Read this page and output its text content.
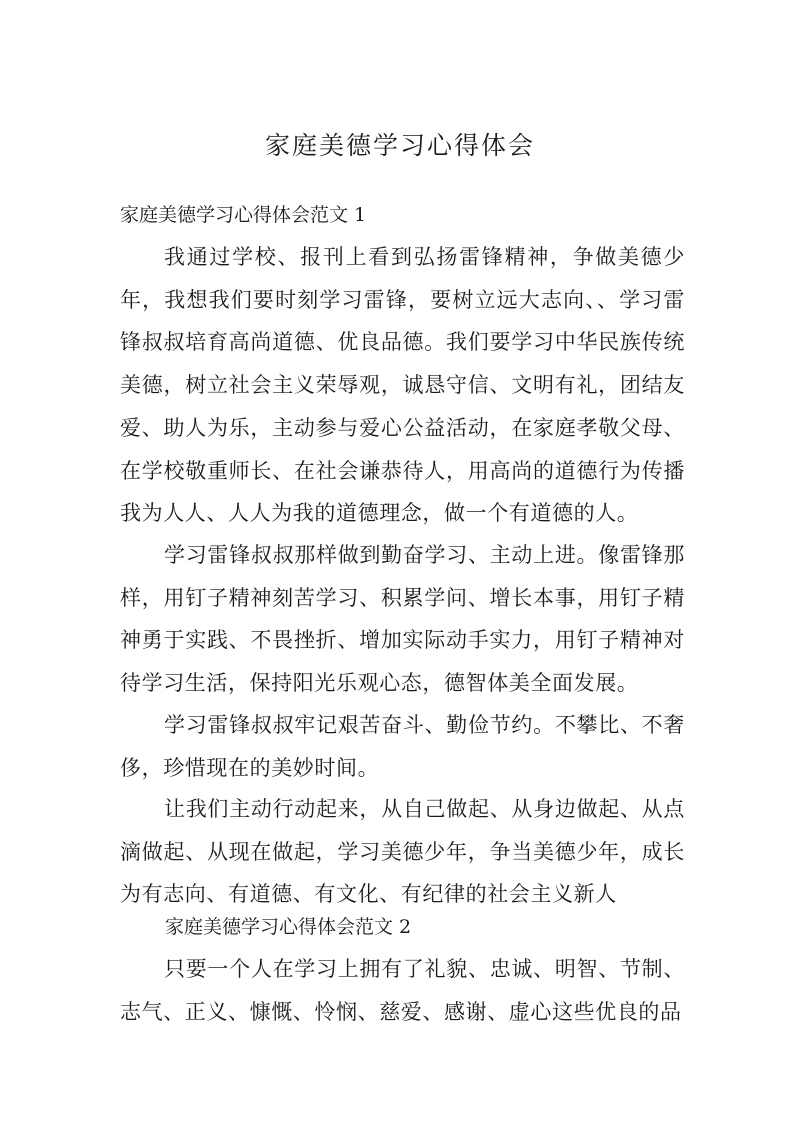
家庭美德学习心得体会

家庭美德学习心得体会范文 1

我通过学校、报刊上看到弘扬雷锋精神，争做美德少年，我想我们要时刻学习雷锋，要树立远大志向、、学习雷锋叔叔培育高尚道德、优良品德。我们要学习中华民族传统美德，树立社会主义荣辱观，诚恳守信、文明有礼，团结友爱、助人为乐，主动参与爱心公益活动，在家庭孝敬父母、在学校敬重师长、在社会谦恭待人，用高尚的道德行为传播我为人人、人人为我的道德理念，做一个有道德的人。

学习雷锋叔叔那样做到勤奋学习、主动上进。像雷锋那样，用钉子精神刻苦学习、积累学问、增长本事，用钉子精神勇于实践、不畏挫折、增加实际动手实力，用钉子精神对待学习生活，保持阳光乐观心态，德智体美全面发展。

学习雷锋叔叔牢记艰苦奋斗、勤俭节约。不攀比、不奢侈，珍惜现在的美妙时间。

让我们主动行动起来，从自己做起、从身边做起、从点滴做起、从现在做起，学习美德少年，争当美德少年，成长为有志向、有道德、有文化、有纪律的社会主义新人

家庭美德学习心得体会范文 2

只要一个人在学习上拥有了礼貌、忠诚、明智、节制、志气、正义、慷慨、怜悯、慈爱、感谢、虚心这些优良的品
